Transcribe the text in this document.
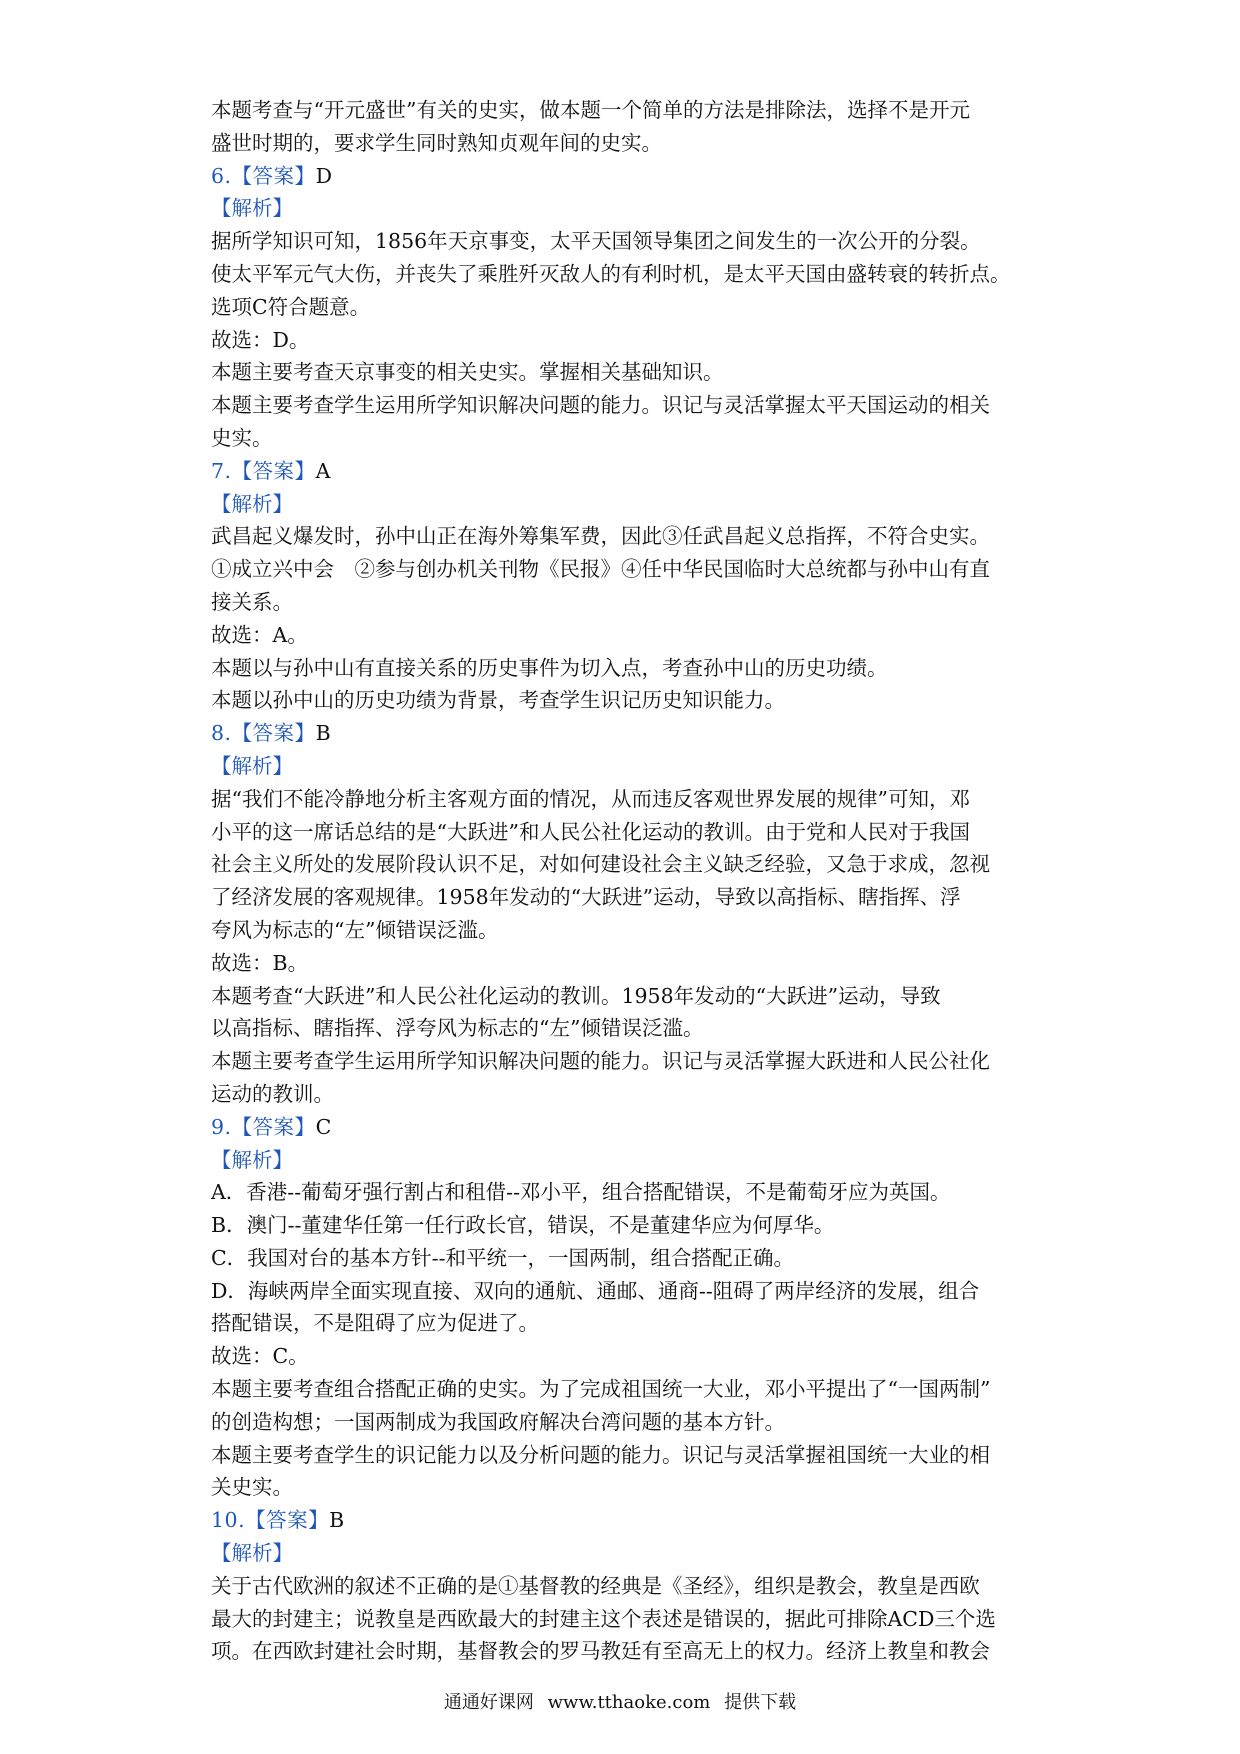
本题考查与“开元盛世”有关的史实，做本题一个简单的方法是排除法，选择不是开元
盛世时期的，要求学生同时熟知贞观年间的史实。
6.【答案】D
【解析】
据所学知识可知，1856年天京事变，太平天国领导集团之间发生的一次公开的分裂。
使太平军元气大伤，并丧失了乘胜歼灭敌人的有利时机，是太平天国由盛转衰的转折点。
选项C符合题意。
故选：D。
本题主要考查天京事变的相关史实。掌握相关基础知识。
本题主要考查学生运用所学知识解决问题的能力。识记与灵活掌握太平天国运动的相关
史实。
7.【答案】A
【解析】
武昌起义爆发时，孙中山正在海外筹集军费，因此③任武昌起义总指挥，不符合史实。
①成立兴中会　②参与创办机关刊物《民报》④任中华民国临时大总统都与孙中山有直
接关系。
故选：A。
本题以与孙中山有直接关系的历史事件为切入点，考查孙中山的历史功绩。
本题以孙中山的历史功绩为背景，考查学生识记历史知识能力。
8.【答案】B
【解析】
据“我们不能冷静地分析主客观方面的情况，从而违反客观世界发展的规律”可知，邓
小平的这一席话总结的是“大跃进”和人民公社化运动的教训。由于党和人民对于我国
社会主义所处的发展阶段认识不足，对如何建设社会主义缺乏经验，又急于求成，忽视
了经济发展的客观规律。1958年发动的“大跃进”运动，导致以高指标、瞎指挥、浮
夸风为标志的“左”倾错误泛滥。
故选：B。
本题考查“大跃进”和人民公社化运动的教训。1958年发动的“大跃进”运动，导致
以高指标、瞎指挥、浮夸风为标志的“左”倾错误泛滥。
本题主要考查学生运用所学知识解决问题的能力。识记与灵活掌握大跃进和人民公社化
运动的教训。
9.【答案】C
【解析】
A．香港--葡萄牙强行割占和租借--邓小平，组合搭配错误，不是葡萄牙应为英国。
B．澳门--董建华任第一任行政长官，错误，不是董建华应为何厚华。
C．我国对台的基本方针--和平统一，一国两制，组合搭配正确。
D．海峡两岸全面实现直接、双向的通航、通邮、通商--阻碍了两岸经济的发展，组合
搭配错误，不是阻碍了应为促进了。
故选：C。
本题主要考查组合搭配正确的史实。为了完成祖国统一大业，邓小平提出了“一国两制”
的创造构想；一国两制成为我国政府解决台湾问题的基本方针。
本题主要考查学生的识记能力以及分析问题的能力。识记与灵活掌握祖国统一大业的相
关史实。
10.【答案】B
【解析】
关于古代欧洲的叙述不正确的是①基督教的经典是《圣经》，组织是教会，教皇是西欧
最大的封建主；说教皇是西欧最大的封建主这个表述是错误的，据此可排除ACD三个选
项。在西欧封建社会时期，基督教会的罗马教廷有至高无上的权力。经济上教皇和教会
通通好课网 www.tthaoke.com 提供下载
